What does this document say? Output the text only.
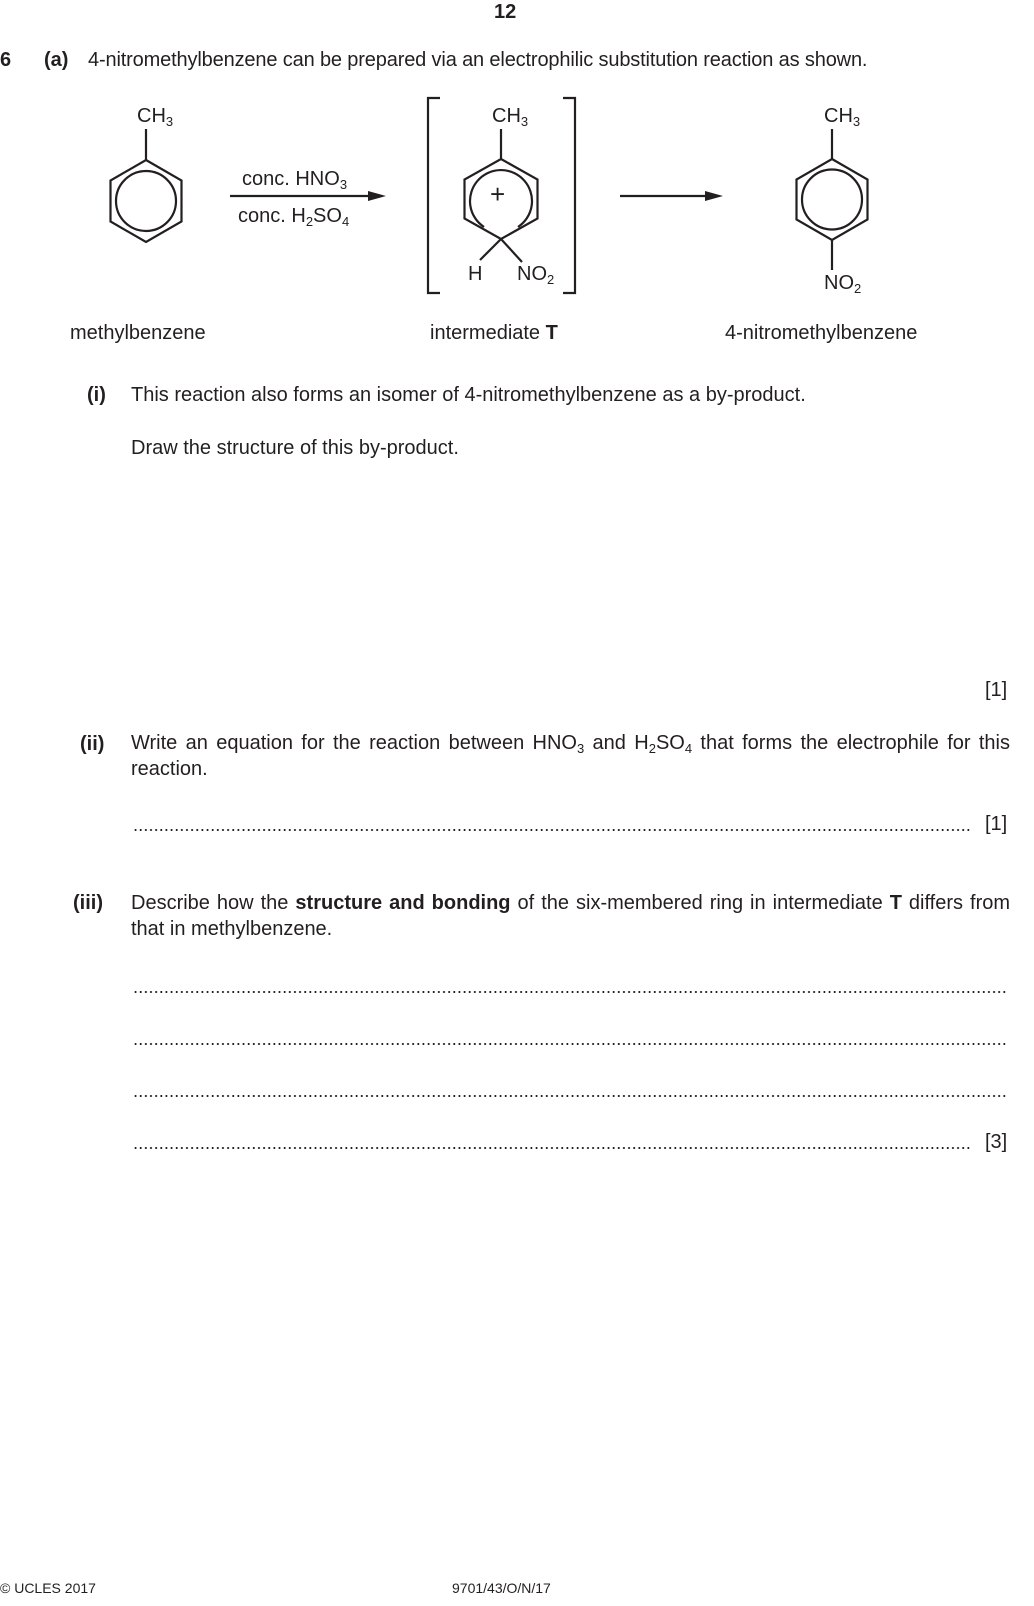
12
6 (a) 4-nitromethylbenzene can be prepared via an electrophilic substitution reaction as shown.
$CH_3$
conc. $HNO_3$
conc. $H_2SO_4$
$CH_3$
+
H $NO_2$
$CH_3$
$NO_2$
methylbenzene	intermediate T	4-nitromethylbenzene
(i) This reaction also forms an isomer of 4-nitromethylbenzene as a by-product.
Draw the structure of this by-product.
[1]
(ii) Write an equation for the reaction between $HNO_3$ and $H_2SO_4$ that forms the electrophile for this reaction.
[1]
(iii) Describe how the structure and bonding of the six-membered ring in intermediate T differs from that in methylbenzene.
[3]
© UCLES 2017	9701/43/O/N/17
